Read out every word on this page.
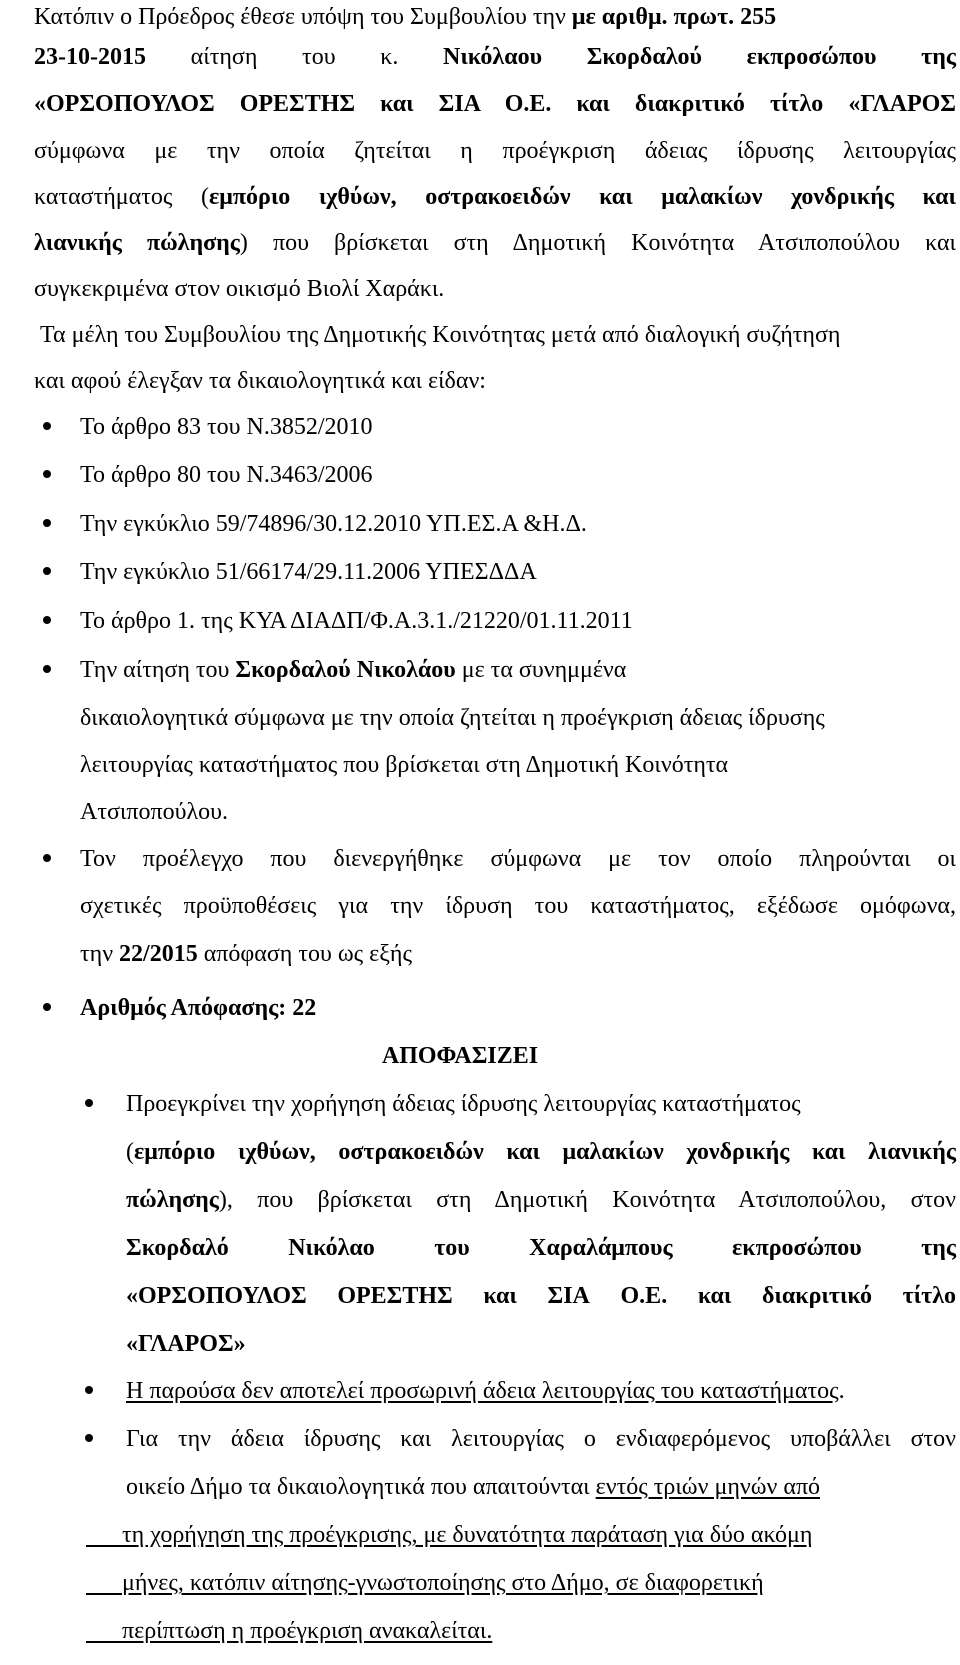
Κατόπιν ο Πρόεδρος έθεσε υπόψη του Συμβουλίου την με αριθμ. πρωτ. 255
23-10-2015 αίτηση του κ. Νικόλαου Σκορδαλού εκπροσώπου της
«ΟΡΣΟΠΟΥΛΟΣ ΟΡΕΣΤΗΣ και ΣΙΑ Ο.Ε. και διακριτικό τίτλο «ΓΛΑΡΟΣ
σύμφωνα με την οποία ζητείται η προέγκριση άδειας ίδρυσης λειτουργίας
καταστήματος (εμπόριο ιχθύων, οστρακοειδών και μαλακίων χονδρικής και
λιανικής πώλησης) που βρίσκεται στη Δημοτική Κοινότητα Ατσιποπούλου και
συγκεκριμένα στον οικισμό Βιολί Χαράκι.
Τα μέλη του Συμβουλίου της Δημοτικής Κοινότητας μετά από διαλογική συζήτηση
και αφού έλεγξαν τα δικαιολογητικά και είδαν:
Το άρθρο 83 του Ν.3852/2010
Το άρθρο 80 του Ν.3463/2006
Την εγκύκλιο 59/74896/30.12.2010 ΥΠ.ΕΣ.Α &Η.Δ.
Την εγκύκλιο 51/66174/29.11.2006 ΥΠΕΣΔΔΑ
Το άρθρο 1. της ΚΥΑ ΔΙΑΔΠ/Φ.Α.3.1./21220/01.11.2011
Την αίτηση του Σκορδαλού Νικολάου με τα συνημμένα
δικαιολογητικά σύμφωνα με την οποία ζητείται η προέγκριση άδειας ίδρυσης
λειτουργίας καταστήματος που βρίσκεται στη Δημοτική Κοινότητα
Ατσιποπούλου.
Τον προέλεγχο που διενεργήθηκε σύμφωνα με τον οποίο πληρούνται οι
σχετικές προϋποθέσεις για την ίδρυση του καταστήματος, εξέδωσε ομόφωνα,
την 22/2015 απόφαση του ως εξής
Αριθμός Απόφασης: 22
ΑΠΟΦΑΣΙΖΕΙ
Προεγκρίνει την χορήγηση άδειας ίδρυσης λειτουργίας καταστήματος
(εμπόριο ιχθύων, οστρακοειδών και μαλακίων χονδρικής και λιανικής
πώλησης), που βρίσκεται στη Δημοτική Κοινότητα Ατσιποπούλου, στον
Σκορδαλό Νικόλαο του Χαραλάμπους εκπροσώπου της
«ΟΡΣΟΠΟΥΛΟΣ ΟΡΕΣΤΗΣ και ΣΙΑ Ο.Ε. και διακριτικό τίτλο
«ΓΛΑΡΟΣ»
Η παρούσα δεν αποτελεί προσωρινή άδεια λειτουργίας του καταστήματος.
Για την άδεια ίδρυσης και λειτουργίας ο ενδιαφερόμενος υποβάλλει στον
οικείο Δήμο τα δικαιολογητικά που απαιτούνται εντός τριών μηνών από
  τη χορήγηση της προέγκρισης, με δυνατότητα παράταση για δύο ακόμη
  μήνες, κατόπιν αίτησης-γνωστοποίησης στο Δήμο, σε διαφορετική
  περίπτωση η προέγκριση ανακαλείται.
